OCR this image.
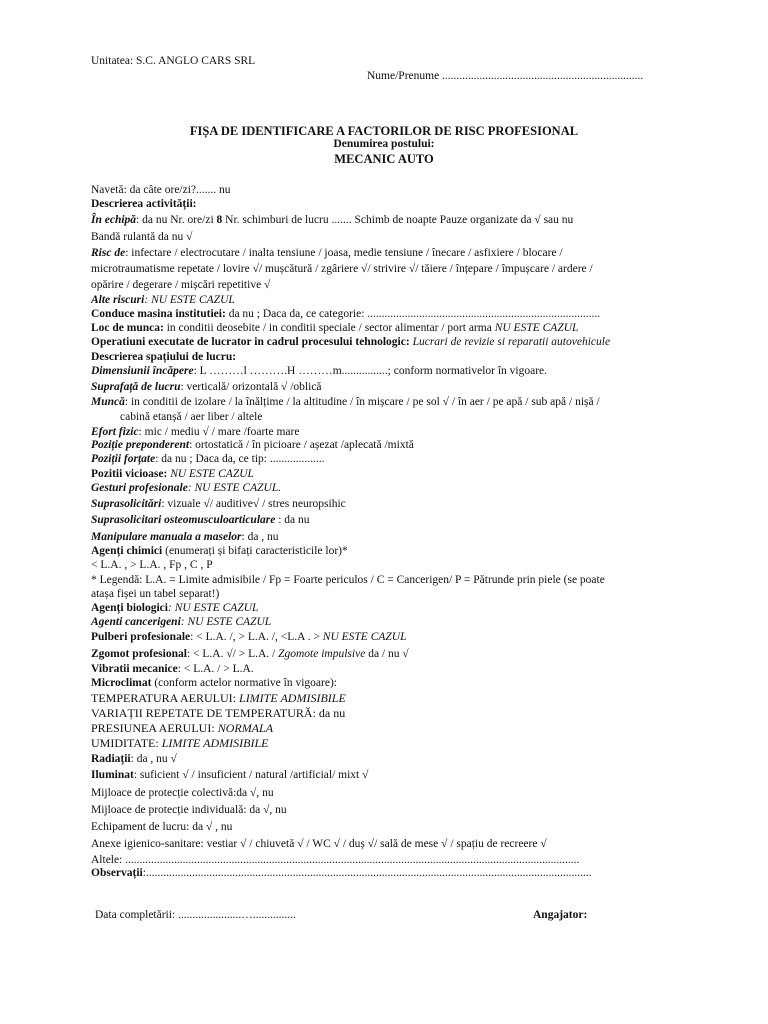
Unitatea: S.C. ANGLO CARS SRL
Nume/Prenume ......................................................................
FIȘA DE IDENTIFICARE A FACTORILOR DE RISC PROFESIONAL
Denumirea postului:
MECANIC AUTO
Navetă: da câte ore/zi?....... nu
Descrierea activității:
În echipă: da nu Nr. ore/zi 8 Nr. schimburi de lucru ....... Schimb de noapte Pauze organizate da √ sau nu
Bandă rulantă da nu √
Risc de: infectare / electrocutare / inalta tensiune / joasa, medie tensiune / înecare / asfixiere / blocare /
microtraumatisme repetate / lovire √/ mușcătură / zgâriere √/ strivire √/ tăiere / înțepare / împușcare / ardere /
opărire / degerare / mișcări repetitive √
Alte riscuri: NU ESTE CAZUL
Conduce masina institutiei: da nu ; Daca da, ce categorie: .................................................................................
Loc de munca: in conditii deosebite / in conditii speciale / sector alimentar / port arma NU ESTE CAZUL
Operatiuni executate de lucrator in cadrul procesului tehnologic: Lucrari de revizie si reparatii autovehicule
Descrierea spațiului de lucru:
Dimensiunii încăpere: L ………l ……….H ………m................; conform normativelor în vigoare.
Suprafață de lucru: verticală/ orizontală √ /oblică
Muncă: in conditii de izolare / la înălțime / la altitudine / în mișcare / pe sol √ / în aer / pe apă / sub apă / nișă /
cabină etanșă / aer liber / altele
Efort fizic: mic / mediu √ / mare /foarte mare
Poziție preponderent: ortostatică / în picioare / așezat /aplecată /mixtă
Poziții forțate: da nu ; Daca da, ce tip: ...................
Pozitii vicioase: NU ESTE CAZUL
Gesturi profesionale: NU ESTE CAZUL.
Suprasolicitări: vizuale √/ auditive√ / stres neuropsihic
Suprasolicitari osteomusculoarticulare : da nu
Manipulare manuala a maselor: da , nu
Agenți chimici (enumerați și bifați caracteristicile lor)*
< L.A. , > L.A. , Fp , C , P
* Legendă: L.A. = Limite admisibile / Fp = Foarte periculos / C = Cancerigen/ P = Pătrunde prin piele (se poate
atașa fișei un tabel separat!)
Agenți biologici: NU ESTE CAZUL
Agenti cancerigeni: NU ESTE CAZUL
Pulberi profesionale: < L.A. /, > L.A. /, <L.A . > NU ESTE CAZUL
Zgomot profesional: < L.A. √/ > L.A. / Zgomote impulsive da / nu √
Vibratii mecanice: < L.A. / > L.A.
Microclimat (conform actelor normative în vigoare):
TEMPERATURA AERULUI: LIMITE ADMISIBILE
VARIAȚII REPETATE DE TEMPERATURĂ: da nu
PRESIUNEA AERULUI: NORMALA
UMIDITATE: LIMITE ADMISIBILE
Radiații: da , nu √
Iluminat: suficient √ / insuficient / natural /artificial/ mixt √
Mijloace de protecție colectivă:da √, nu
Mijloace de protecție individuală: da √, nu
Echipament de lucru: da √ , nu
Anexe igienico-sanitare: vestiar √ / chiuvetă √ / WC √ / duș √/ sală de mese √ / spațiu de recreere √
Altele: ..............................................................................................................................................................
Observații:...........................................................................................................................................................
Data completării: ......................…...............	Angajator:
